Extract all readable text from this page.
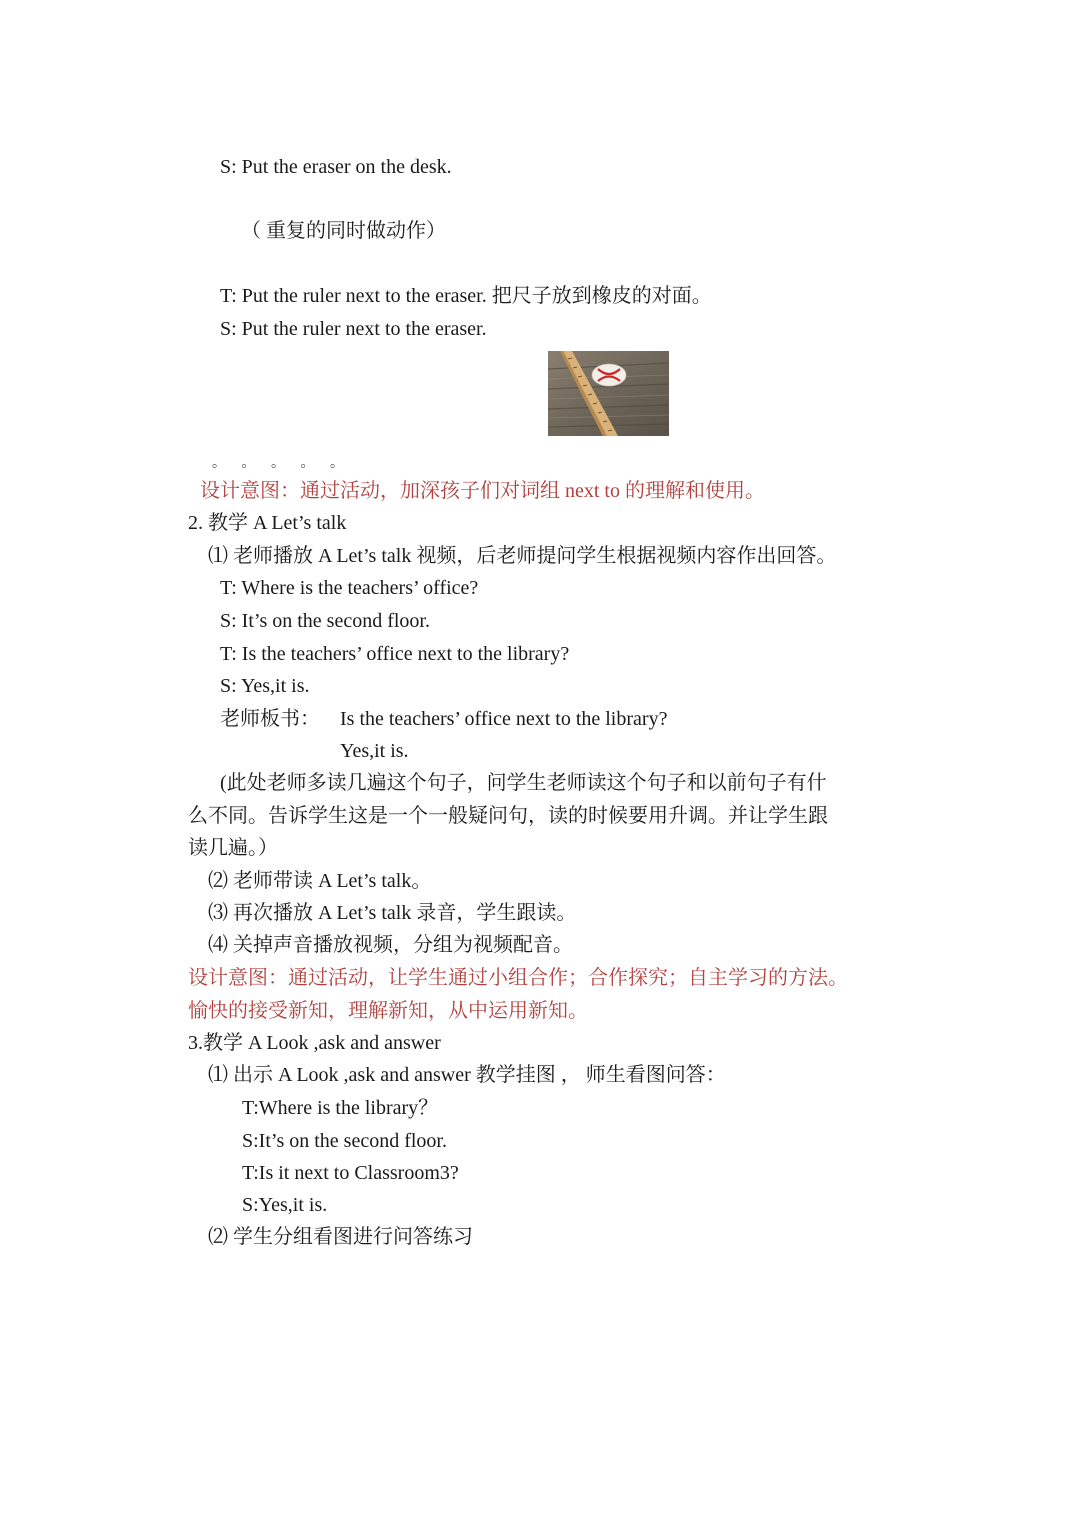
S: Put the eraser on the desk.
（ 重复的同时做动作）
T: Put the ruler next to the eraser. 把尺子放到橡皮的对面。
S: Put the ruler next to the eraser.
。 。 。 。 。
设计意图：通过活动，加深孩子们对词组 next to 的理解和使用。
2. 教学 A Let’s talk
⑴ 老师播放 A Let’s talk 视频，后老师提问学生根据视频内容作出回答。
T: Where is the teachers’ office?
S: It’s on the second floor.
T: Is the teachers’ office next to the library?
S: Yes,it is.
老师板书： Is the teachers’ office next to the library?
Yes,it is.
(此处老师多读几遍这个句子，问学生老师读这个句子和以前句子有什
么不同。告诉学生这是一个一般疑问句，读的时候要用升调。并让学生跟
读几遍。）
⑵ 老师带读 A Let’s talk。
⑶ 再次播放 A Let’s talk 录音，学生跟读。
⑷ 关掉声音播放视频，分组为视频配音。
设计意图：通过活动，让学生通过小组合作；合作探究；自主学习的方法。
愉快的接受新知，理解新知，从中运用新知。
3.教学 A Look ,ask and answer
⑴ 出示 A Look ,ask and answer 教学挂图 ， 师生看图问答：
T:Where is the library？
S:It’s on the second floor.
T:Is it next to Classroom3?
S:Yes,it is.
⑵ 学生分组看图进行问答练习
